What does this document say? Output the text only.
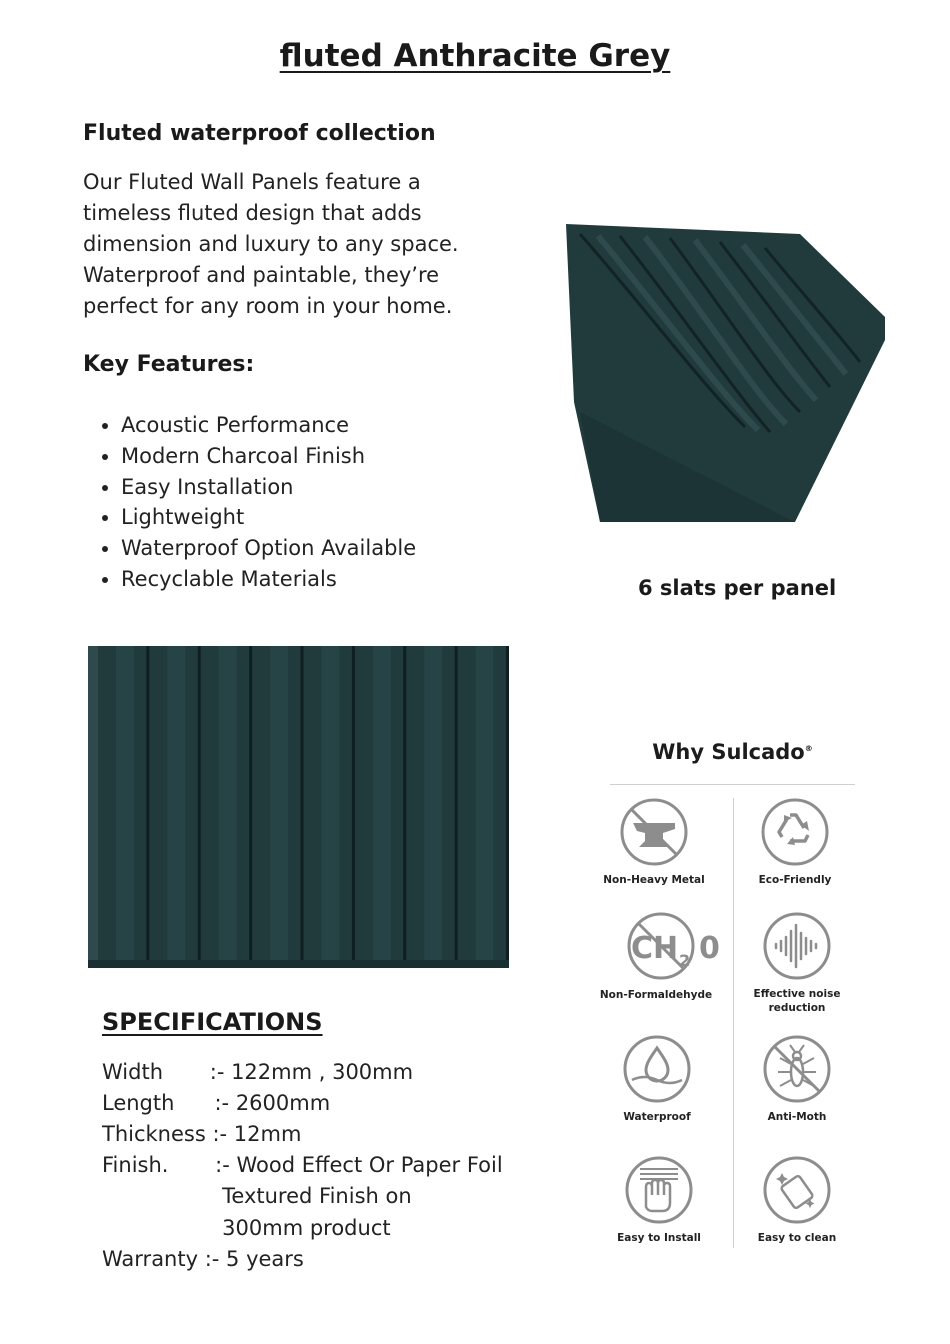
fluted Anthracite Grey
Fluted waterproof collection
Our Fluted Wall Panels feature a
timeless fluted design that adds
dimension and luxury to any space.
Waterproof and paintable, they’re
perfect for any room in your home.
Key Features:
• Acoustic Performance
• Modern Charcoal Finish
• Easy Installation
• Lightweight
• Waterproof Option Available
• Recyclable Materials	6 slats per panel
SPECIFICATIONS
Width       :- 122mm , 300mm
Length      :- 2600mm
Thickness :- 12mm
Finish.       :- Wood Effect Or Paper Foil
Textured Finish on
300mm product
Warranty :- 5 years
Why Sulcado®
Non-Heavy Metal	Eco-Friendly
CH 2 0
Non-Formaldehyde	Effective noise
reduction
Waterproof	Anti-Moth
Easy to Install	Easy to clean
